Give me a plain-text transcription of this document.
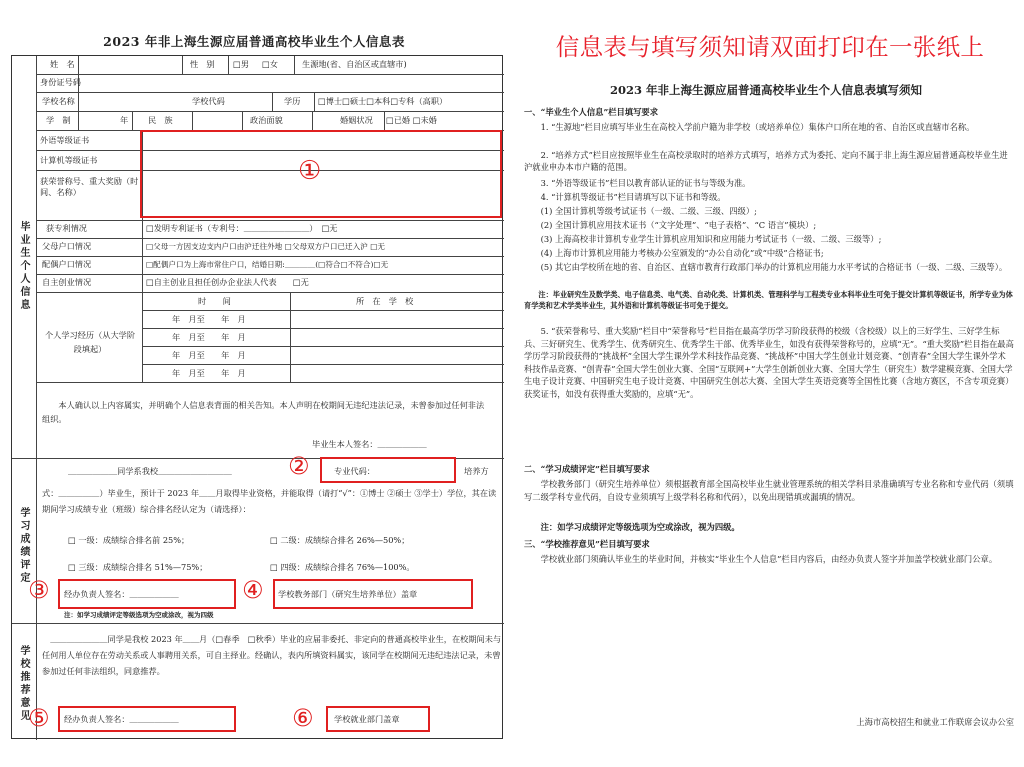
2023 年非上海生源应届普通高校毕业生个人信息表
毕业生个人信息
学习成绩评定
学校推荐意见
姓　名	性　别 □男 □女	生源地(省、自治区或直辖市)
身份证号码
学校名称	学校代码	学历 □博士□硕士□本科□专科（高职）
学　制	年 民　族	政治面貌	婚姻状况 □已婚 □未婚
外语等级证书
计算机等级证书
获荣誉称号、重大奖励（时间、名称）
获专利情况	□发明专利证书（专利号：＿＿＿＿＿＿＿＿）　□无
父母户口情况	□父母一方因支边支内户口由沪迁往外地 □父母双方户口已迁入沪 □无
配偶户口情况	□配偶户口为上海市常住户口，结婚日期:＿＿＿＿(□符合□不符合)□无
自主创业情况	□自主创业且担任创办企业法人代表　　□无
个人学习经历（从大学阶段填起）
时　　间	所　在　学　校
年　月至　　年　月
年　月至　　年　月
年　月至　　年　月
年　月至　　年　月
本人确认以上内容属实，并明确个人信息表背面的相关告知。本人声明在校期间无违纪违法记录，未曾参加过任何非法组织。
毕业生本人签名：＿＿＿＿＿＿
＿＿＿＿＿＿同学系我校＿＿＿＿＿＿＿＿＿	专业代码：	培养方
式：＿＿＿＿＿）毕业生，预计于 2023 年＿＿月取得毕业资格，并能取得（请打“√”：①博士 ②硕士 ③学士）学位，其在读期间学习成绩专业（班级）综合排名经认定为（请选择）：
□ 一级：成绩综合排名前 25%；	□ 二级：成绩综合排名 26%—50%；
□ 三级：成绩综合排名 51%—75%；	□ 四级：成绩综合排名 76%—100%。
经办负责人签名：＿＿＿＿＿＿	学校教务部门（研究生培养单位）盖章
注：如学习成绩评定等级选项为空或涂改，视为四级
＿＿＿＿＿＿＿同学是我校 2023 年＿＿月（□春季　□秋季）毕业的应届非委托、非定向的普通高校毕业生，在校期间未与任何用人单位存在劳动关系或人事聘用关系，可自主择业。经确认，表内所填资料属实，该同学在校期间无违纪违法记录，未曾参加过任何非法组织，同意推荐。
经办负责人签名：＿＿＿＿＿＿	学校就业部门盖章
①
②
③	④
⑤	⑥
信息表与填写须知请双面打印在一张纸上
2023 年非上海生源应届普通高校毕业生个人信息表填写须知
一、“毕业生个人信息”栏目填写要求
1. “生源地”栏目应填写毕业生在高校入学前户籍为非学校（或培养单位）集体户口所在地的省、自治区或直辖市名称。
2. “培养方式”栏目应按照毕业生在高校录取时的培养方式填写，培养方式为委托、定向不属于非上海生源应届普通高校毕业生进沪就业申办本市户籍的范围。
3. “外语等级证书”栏目以教育部认证的证书与等级为准。
4. “计算机等级证书”栏目请填写以下证书和等级。
(1) 全国计算机等级考试证书（一级、二级、三级、四级）;
(2) 全国计算机应用技术证书（“文字处理”、“电子表格”、“C 语言”模块）;
(3) 上海高校非计算机专业学生计算机应用知识和应用能力考试证书（一级、二级、三级等）;
(4) 上海市计算机应用能力考核办公室颁发的“办公自动化”或“中级”合格证书;
(5) 其它由学校所在地的省、自治区、直辖市教育行政部门举办的计算机应用能力水平考试的合格证书（一级、二级、三级等）。
注：毕业研究生及数学类、电子信息类、电气类、自动化类、计算机类、管理科学与工程类专业本科毕业生可免于提交计算机等级证书，所学专业为体育学类和艺术学类毕业生，其外语和计算机等级证书可免于提交。
5. “获荣誉称号、重大奖励”栏目中“荣誉称号”栏目指在最高学历学习阶段获得的校级（含校级）以上的三好学生、三好学生标兵、三好研究生、优秀学生、优秀研究生、优秀学生干部、优秀毕业生，如没有获得荣誉称号的，应填“无”。“重大奖励”栏目指在最高学历学习阶段获得的“挑战杯”全国大学生课外学术科技作品竞赛、“挑战杯”中国大学生创业计划竞赛、“创青春”全国大学生课外学术科技作品竞赛、“创青春”全国大学生创业大赛、全国“互联网+”大学生创新创业大赛、全国大学生（研究生）数学建模竞赛、全国大学生电子设计竞赛、中国研究生电子设计竞赛、中国研究生创芯大赛、全国大学生英语竞赛等全国性比赛（含地方赛区，不含专项竞赛）获奖证书，如没有获得重大奖励的，应填“无”。
二、“学习成绩评定”栏目填写要求
学校教务部门（研究生培养单位）须根据教育部全国高校毕业生就业管理系统的相关学科目录准确填写专业名称和专业代码（须填写二级学科专业代码，自设专业须填写上级学科名称和代码），以免出现错填或漏填的情况。
注：如学习成绩评定等级选项为空或涂改，视为四级。
三、“学校推荐意见”栏目填写要求
学校就业部门须确认毕业生的毕业时间，并核实“毕业生个人信息”栏目内容后，由经办负责人签字并加盖学校就业部门公章。
上海市高校招生和就业工作联席会议办公室
